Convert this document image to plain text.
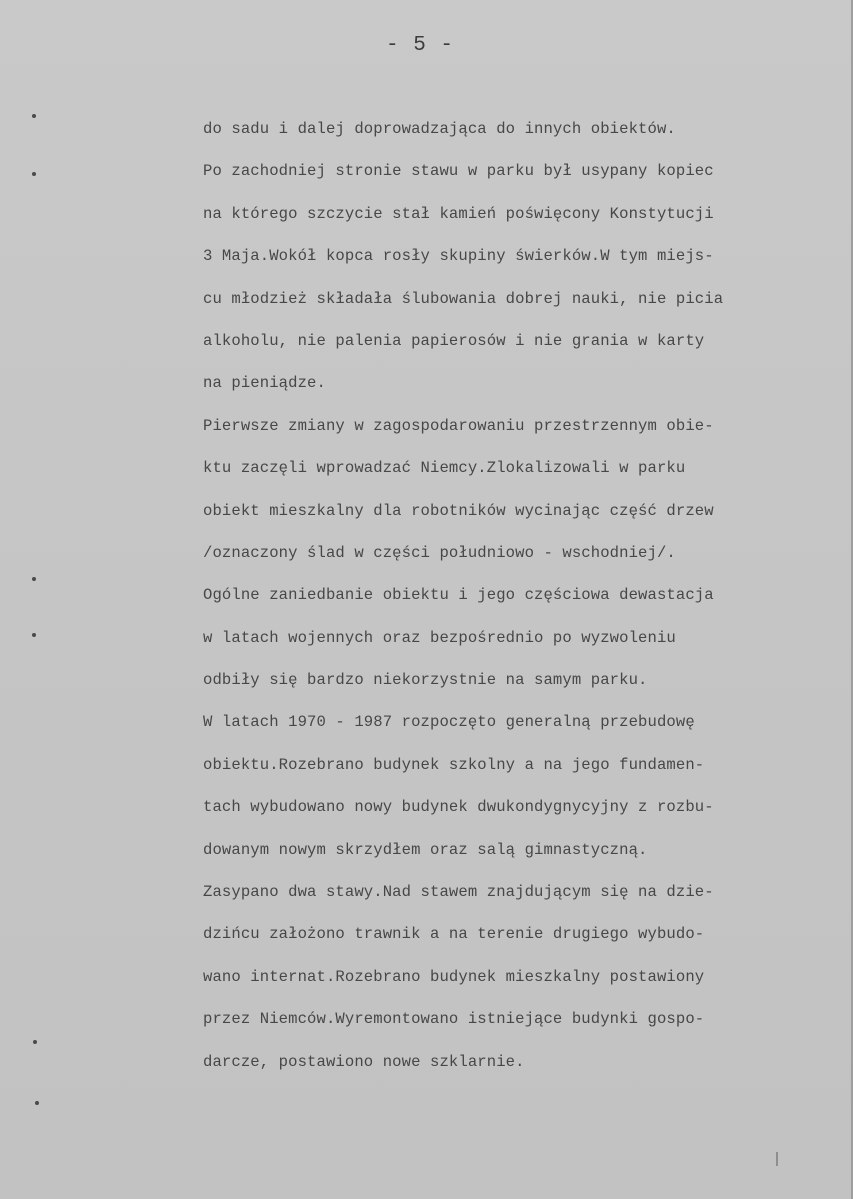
- 5 -
do sadu i dalej doprowadzająca do innych obiektów.
Po zachodniej stronie stawu w parku był usypany kopiec
na którego szczycie stał kamień poświęcony Konstytucji
3 Maja.Wokół kopca rosły skupiny świerków.W tym miejs-
cu młodzież składała ślubowania dobrej nauki, nie picia
alkoholu, nie palenia papierosów i nie grania w karty
na pieniądze.
Pierwsze zmiany w zagospodarowaniu przestrzennym obie-
ktu zaczęli wprowadzać Niemcy.Zlokalizowali w parku
obiekt mieszkalny dla robotników wycinając część drzew
/oznaczony ślad w części południowo - wschodniej/.
Ogólne zaniedbanie obiektu i jego częściowa dewastacja
w latach wojennych oraz bezpośrednio po wyzwoleniu
odbiły się bardzo niekorzystnie na samym parku.
W latach 1970 - 1987 rozpoczęto generalną przebudowę
obiektu.Rozebrano budynek szkolny a na jego fundamen-
tach wybudowano nowy budynek dwukondygnycyjny z rozbu-
dowanym nowym skrzydłem oraz salą gimnastyczną.
Zasypano dwa stawy.Nad stawem znajdującym się na dzie-
dzińcu założono trawnik a na terenie drugiego wybudo-
wano internat.Rozebrano budynek mieszkalny postawiony
przez Niemców.Wyremontowano istniejące budynki gospo-
darcze, postawiono nowe szklarnie.
